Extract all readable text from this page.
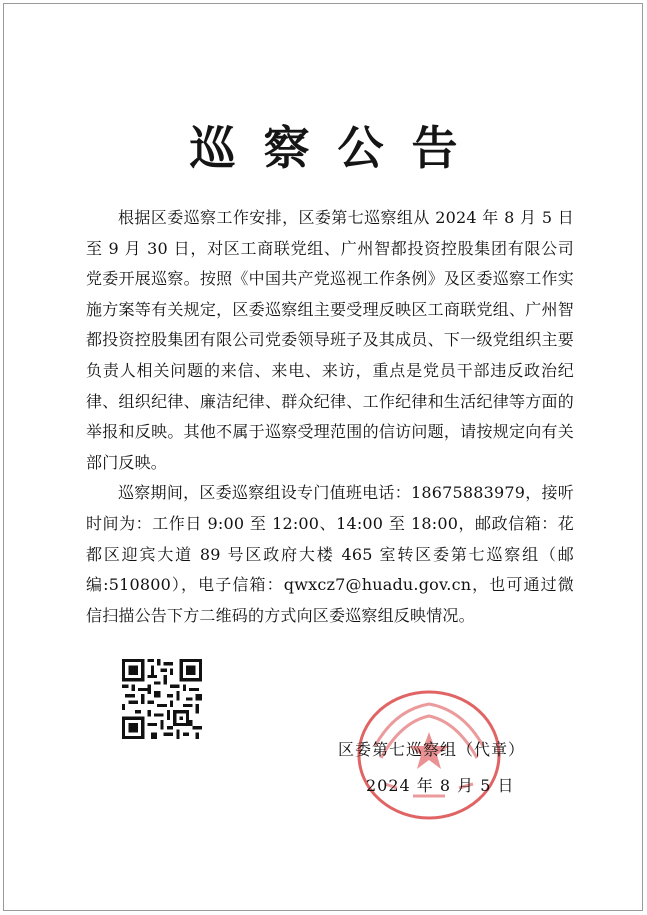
巡察公告

根据区委巡察工作安排，区委第七巡察组从 2024 年 8 月 5 日至 9 月 30 日，对区工商联党组、广州智都投资控股集团有限公司党委开展巡察。按照《中国共产党巡视工作条例》及区委巡察工作实施方案等有关规定，区委巡察组主要受理反映区工商联党组、广州智都投资控股集团有限公司党委领导班子及其成员、下一级党组织主要负责人相关问题的来信、来电、来访，重点是党员干部违反政治纪律、组织纪律、廉洁纪律、群众纪律、工作纪律和生活纪律等方面的举报和反映。其他不属于巡察受理范围的信访问题，请按规定向有关部门反映。

巡察期间，区委巡察组设专门值班电话：18675883979，接听时间为：工作日 9:00 至 12:00、14:00 至 18:00，邮政信箱：花都区迎宾大道 89 号区政府大楼 465 室转区委第七巡察组（邮编:510800），电子信箱：qwxcz7@huadu.gov.cn，也可通过微信扫描公告下方二维码的方式向区委巡察组反映情况。

区委第七巡察组（代章）
2024 年 8 月 5 日
